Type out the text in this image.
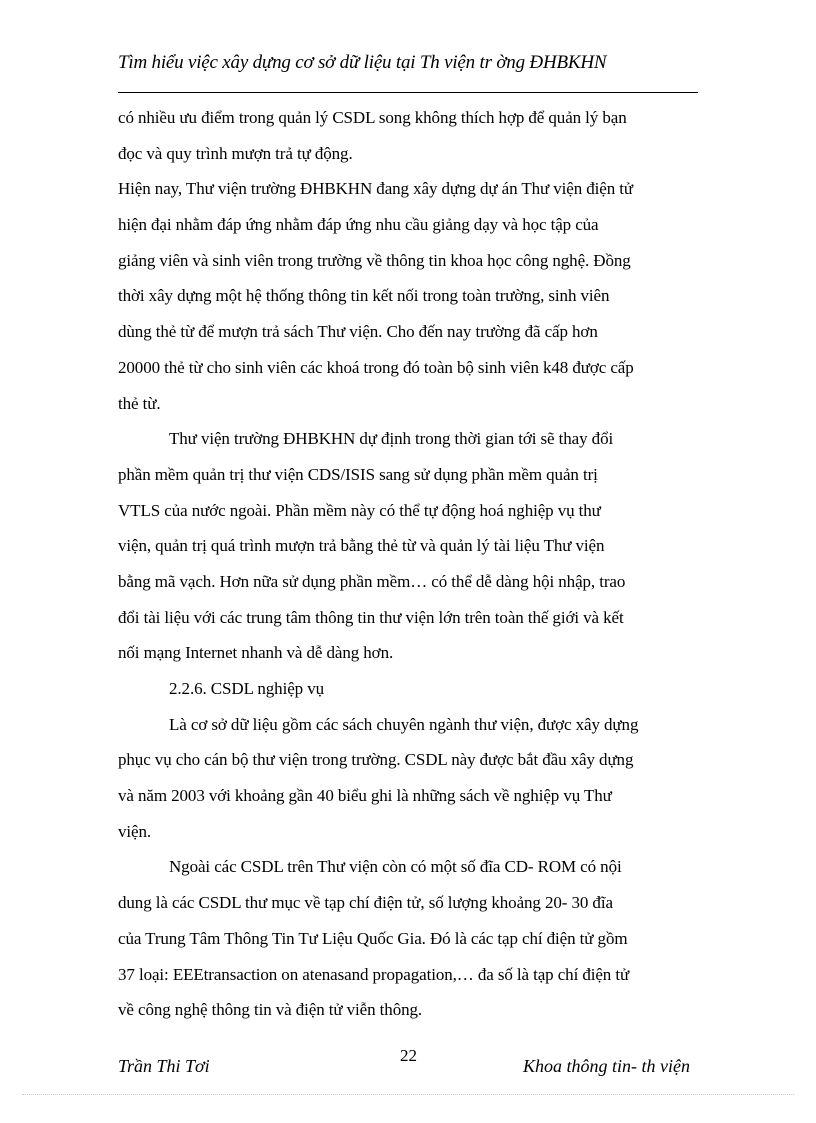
Tìm hiểu việc xây dựng cơ sở dữ liệu tại Th viện tr ờng ĐHBKHN
có nhiều ưu điểm trong quản lý CSDL song không thích hợp để quản lý bạn
đọc và quy trình mượn trả tự động.
Hiện nay, Thư viện trường ĐHBKHN đang xây dựng dự án Thư viện điện tử
hiện đại nhằm đáp ứng nhằm đáp ứng nhu cầu giảng dạy và học tập của
giảng viên và sinh viên trong trường về thông tin khoa học công nghệ. Đồng
thời xây dựng một hệ thống thông tin kết nối trong toàn trường, sinh viên
dùng thẻ từ để mượn trả sách Thư viện. Cho đến nay trường đã cấp hơn
20000 thẻ từ cho sinh viên các khoá trong đó toàn bộ sinh viên k48 được cấp
thẻ từ.
Thư viện trường ĐHBKHN dự định trong thời gian tới sẽ thay đổi
phần mềm quản trị thư viện CDS/ISIS sang sử dụng phần mềm quản trị
VTLS của nước ngoài. Phần mềm này có thể tự động hoá nghiệp vụ thư
viện, quản trị quá trình mượn trả bằng thẻ từ và quản lý tài liệu Thư viện
bằng mã vạch. Hơn nữa sử dụng phần mềm… có thể dễ dàng hội nhập, trao
đổi tài liệu với các trung tâm thông tin thư viện lớn trên toàn thế giới và kết
nối mạng Internet nhanh và dễ dàng hơn.
2.2.6. CSDL nghiệp vụ
Là cơ sở dữ liệu gồm các sách chuyên ngành thư viện, được xây dựng
phục vụ cho cán bộ thư viện trong trường. CSDL này được bắt đầu xây dựng
và năm 2003 với khoảng gần 40 biểu ghi là những sách về nghiệp vụ Thư
viện.
Ngoài các CSDL trên Thư viện còn có một số đĩa CD- ROM có nội
dung là các CSDL thư mục về tạp chí điện tử, số lượng khoảng 20- 30 đĩa
của Trung Tâm Thông Tin Tư Liệu Quốc Gia. Đó là các tạp chí điện tử gồm
37 loại: EEEtransaction on atenasand propagation,… đa số là tạp chí điện tử
về công nghệ thông tin và điện tử viễn thông.
Trần Thi Tơi
22
Khoa thông tin- th viện
